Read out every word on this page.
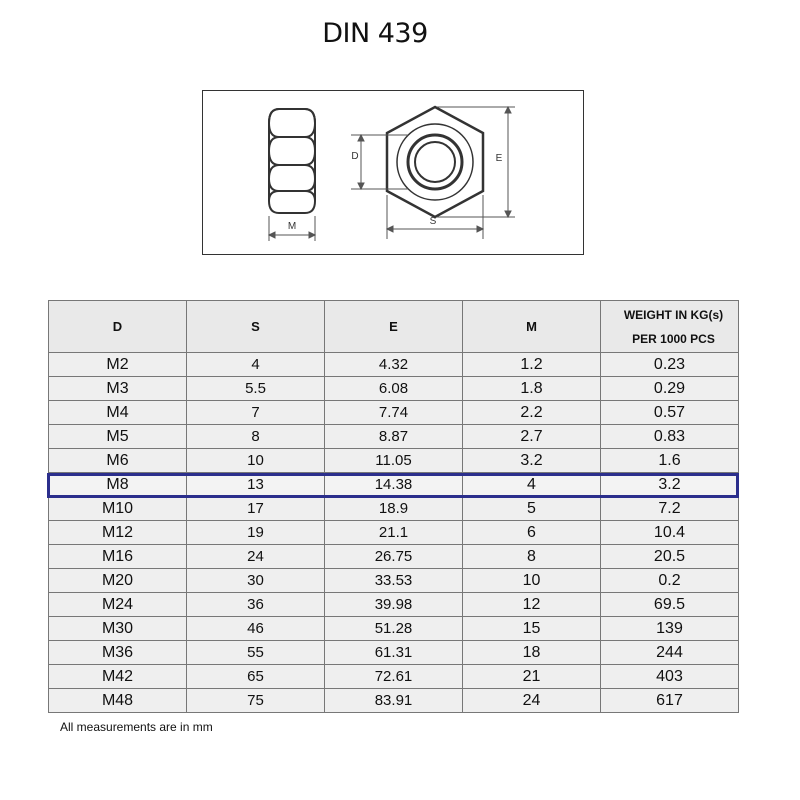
DIN 439
M
D	E
S
D	S	E	M	WEIGHT IN KG(s)
PER 1000 PCS

M2	4	4.32	1.2	0.23
M3	5.5	6.08	1.8	0.29
M4	7	7.74	2.2	0.57
M5	8	8.87	2.7	0.83
M6	10	11.05	3.2	1.6
M8	13	14.38	4	3.2
M10	17	18.9	5	7.2
M12	19	21.1	6	10.4
M16	24	26.75	8	20.5
M20	30	33.53	10	0.2
M24	36	39.98	12	69.5
M30	46	51.28	15	139
M36	55	61.31	18	244
M42	65	72.61	21	403
M48	75	83.91	24	617
All measurements are in mm
